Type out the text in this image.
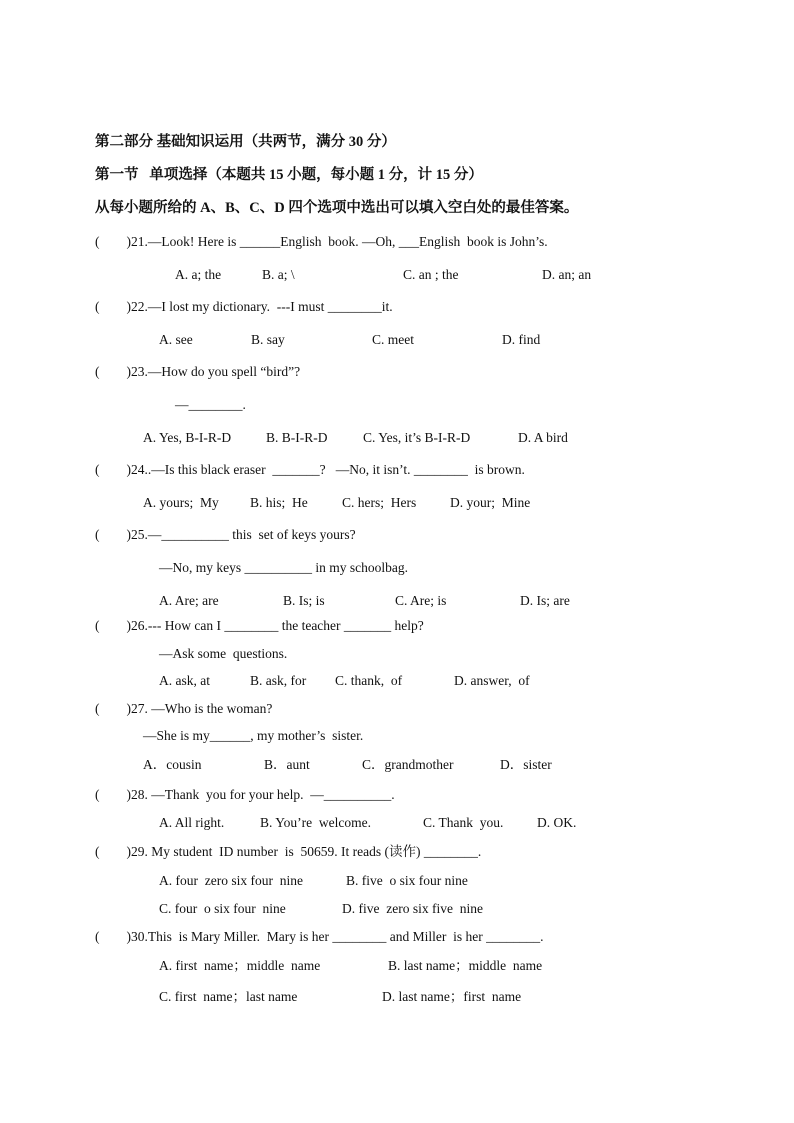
第二部分 基础知识运用（共两节，满分 30 分）
第一节   单项选择（本题共 15 小题，每小题 1 分，计 15 分）
从每小题所给的 A、B、C、D 四个选项中选出可以填入空白处的最佳答案。
(        )21.—Look! Here is ______English  book. —Oh, ___English  book is John’s.
A. a; the	B. a; \	C. an ; the	D. an; an
(        )22.—I lost my dictionary.  ---I must ________it.
A. see	B. say	C. meet	D. find
(        )23.—How do you spell “bird”?
—________.
A. Yes, B-I-R-D	B. B-I-R-D	C. Yes, it’s B-I-R-D	D. A bird
(        )24..—Is this black eraser  _______?   —No, it isn’t. ________  is brown.
A. yours;  My B. his;  He	C. hers;  Hers	D. your;  Mine
(        )25.—__________ this  set of keys yours?
—No, my keys __________ in my schoolbag.
A. Are; are	B. Is; is	C. Are; is	D. Is; are
(        )26.--- How can I ________ the teacher _______ help?
—Ask some  questions.
A. ask, at	B. ask, for C. thank,  of	D. answer,  of
(        )27. —Who is the woman?
—She is my______, my mother’s  sister.
A．cousin	B．aunt	C．grandmother	D．sister
(        )28. —Thank  you for your help.  —__________.
A. All right.	B. You’re  welcome.	C. Thank  you. D. OK.
(        )29. My student  ID number  is  50659. It reads (读作) ________.
A. four  zero six four  nine	B. five  o six four nine
C. four  o six four  nine	D. five  zero six five  nine
(        )30.This  is Mary Miller.  Mary is her ________ and Miller  is her ________.
A. first  name；middle  name	B. last name；middle  name
C. first  name；last name	D. last name；first  name
